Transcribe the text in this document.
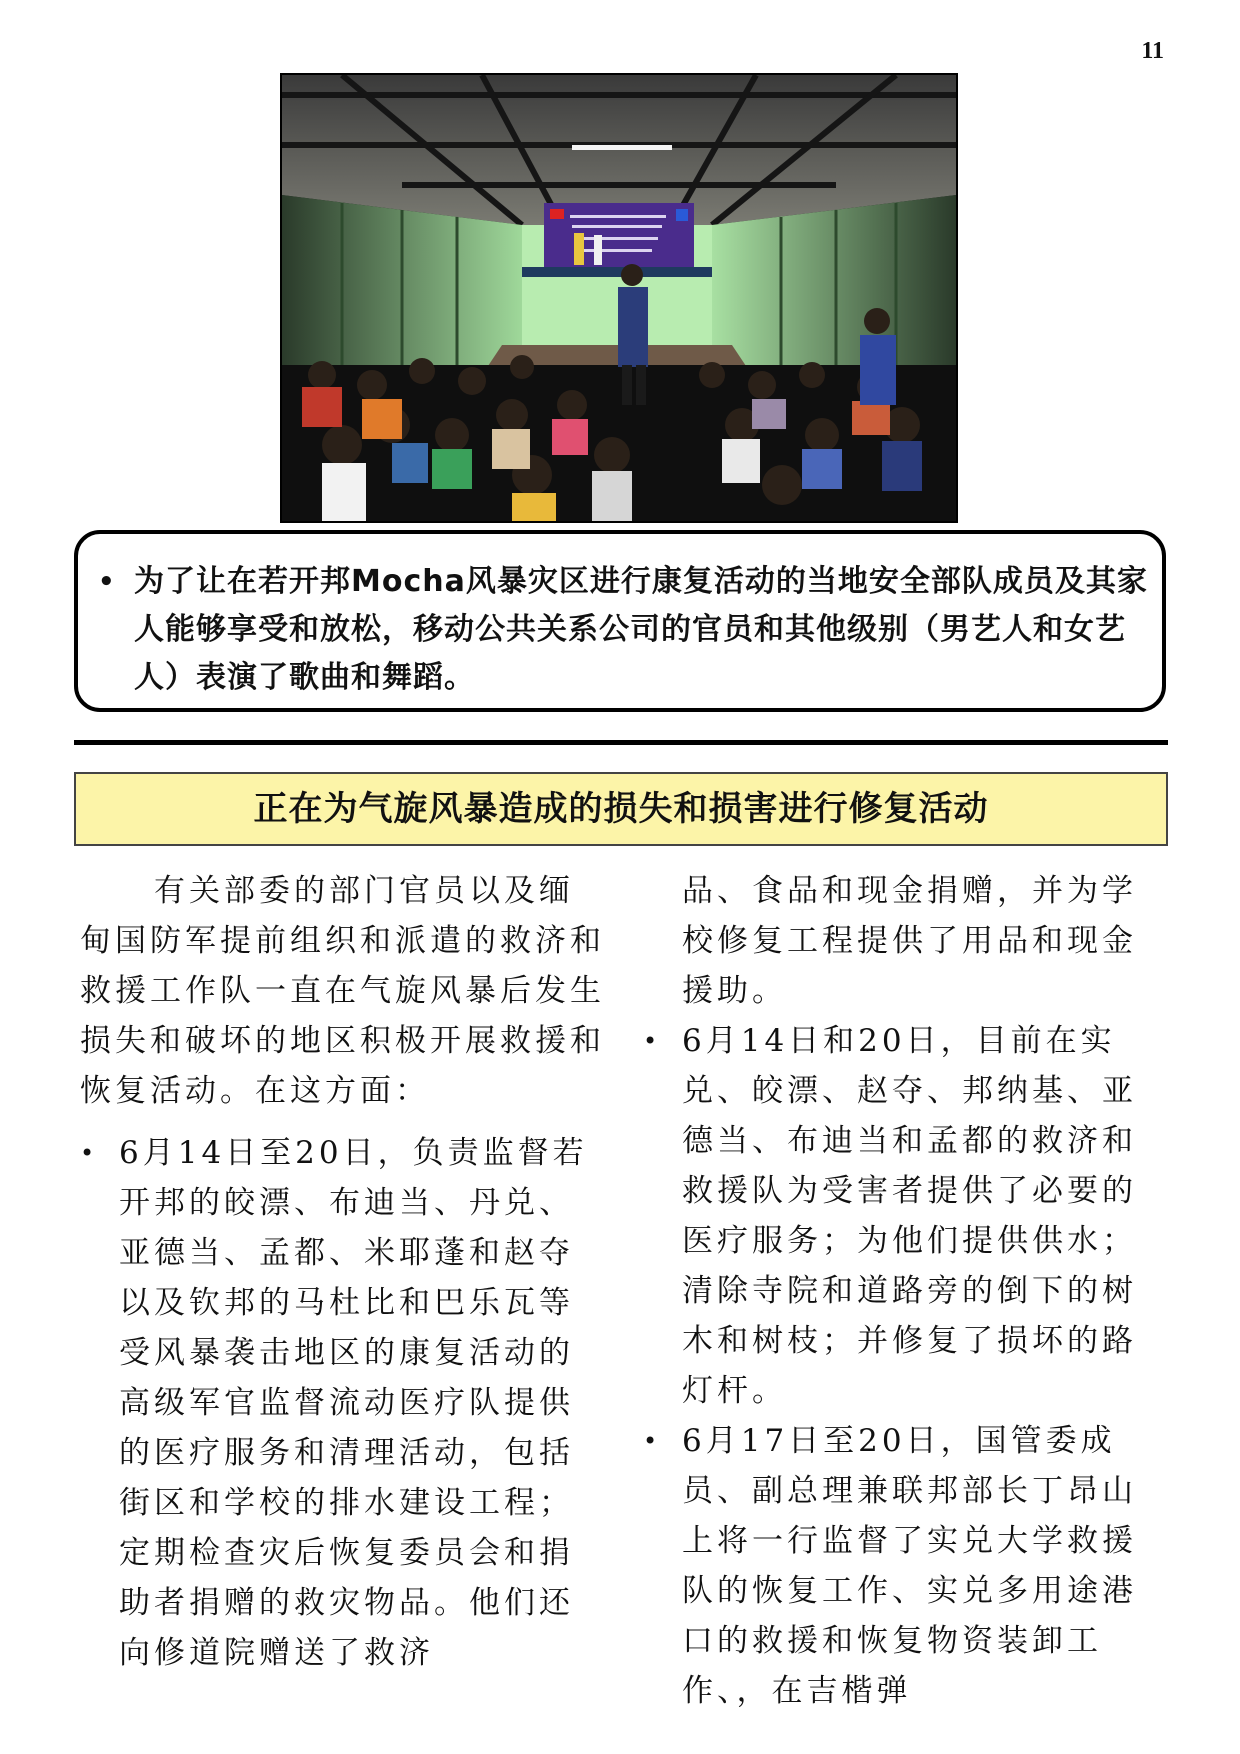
11
• 为了让在若开邦Mocha风暴灾区进行康复活动的当地安全部队成员及其家人能够享受和放松，移动公共关系公司的官员和其他级别（男艺人和女艺人）表演了歌曲和舞蹈。
正在为气旋风暴造成的损失和损害进行修复活动

有关部委的部门官员以及缅甸国防军提前组织和派遣的救济和救援工作队一直在气旋风暴后发生损失和破坏的地区积极开展救援和恢复活动。在这方面：

• 6月14日至20日，负责监督若开邦的皎漂、布迪当、丹兑、亚德当、孟都、米耶蓬和赵夺以及钦邦的马杜比和巴乐瓦等受风暴袭击地区的康复活动的高级军官监督流动医疗队提供的医疗服务和清理活动，包括街区和学校的排水建设工程；定期检查灾后恢复委员会和捐助者捐赠的救灾物品。他们还向修道院赠送了救济
品、食品和现金捐赠，并为学校修复工程提供了用品和现金援助。
• 6月14日和20日，目前在实兑、皎漂、赵夺、邦纳基、亚德当、布迪当和孟都的救济和救援队为受害者提供了必要的医疗服务；为他们提供供水；清除寺院和道路旁的倒下的树木和树枝；并修复了损坏的路灯杆。
• 6月17日至20日，国管委成员、副总理兼联邦部长丁昂山上将一行监督了实兑大学救援队的恢复工作、实兑多用途港口的救援和恢复物资装卸工作、，在吉楷弹
